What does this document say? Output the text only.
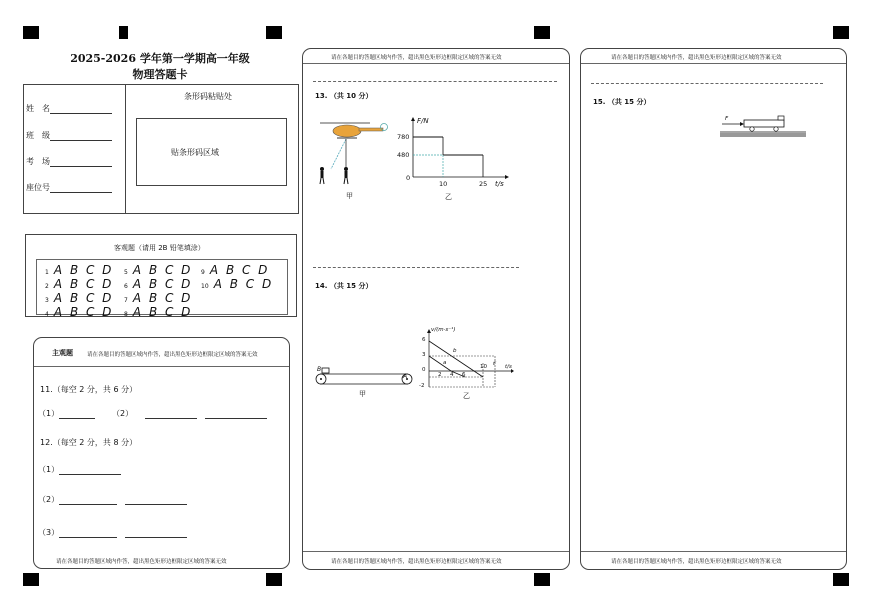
2025-2026 学年第一学期高一年级
物理答题卡
姓　名
班　级
考　场
座位号
条形码粘贴处
贴条形码区域
客观题（请用 2B 铅笔填涂）
1 A B C D
2 A B C D
3 A B C D
4 A B C D
5 A B C D
6 A B C D
7 A B C D
8 A B C D
9 A B C D
10 A B C D
主观题	请在各题目的答题区域内作答，超出黑色矩形边框限定区域的答案无效
11.（每空 2 分，共 6 分）
（1）	（2）
12.（每空 2 分，共 8 分）
（1）
（2）
（3）
请在各题目的答题区域内作答，超出黑色矩形边框限定区域的答案无效
请在各题目的答题区域内作答，超出黑色矩形边框限定区域的答案无效
13. （共 10 分）
甲
F/N
780
480
0
10	25 t/s
乙
14. （共 15 分）
B
A
甲
v/(m·s⁻¹)
6
3
0
-2
b
a
2 4 6
10 t′ t/s
乙
请在各题目的答题区域内作答，超出黑色矩形边框限定区域的答案无效
请在各题目的答题区域内作答，超出黑色矩形边框限定区域的答案无效
15. （共 15 分）
F
请在各题目的答题区域内作答，超出黑色矩形边框限定区域的答案无效
